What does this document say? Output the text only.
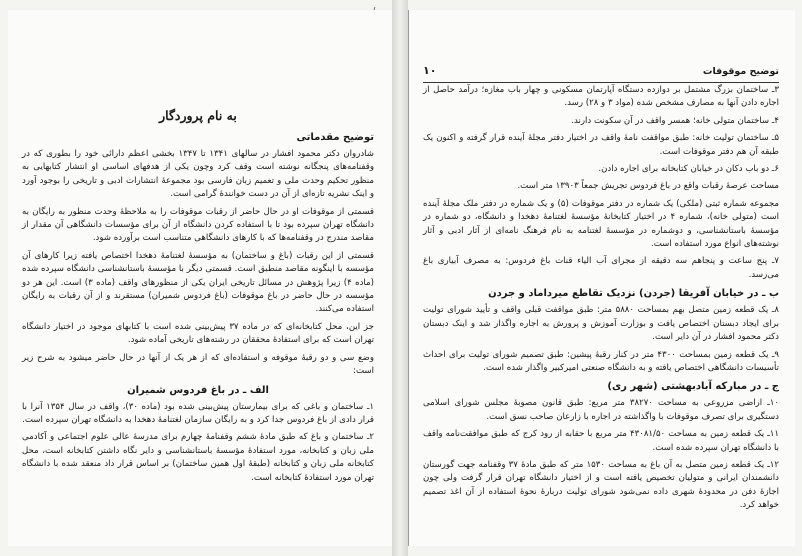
به نام پروردگار
توضیح مقدماتی

شادروان دکتر محمود افشار در سالهای ۱۳۴۱ تا ۱۳۴۷ بخشی اعظم دارائی خود را بطوری که در وقفنامه‌های پنجگانه نوشته است وقف کرد وچون یکی از هدفهای اساسی او انتشار کتابهایی به منظور تحکیم وحدت ملی و تعمیم زبان فارسی بود مجموعهٔ انتشارات ادبی و تاریخی را بوجود آورد و اینک نشریه تازه‌ای از آن در دست خوانندهٔ گرامی است.

قسمتی از موقوفات او در حال حاضر از رقبات موقوفات را به ملاحظهٔ وحدت منظور به رایگان به دانشگاه تهران سپرده بود تا با استفاده کردن دانشگاه از آن برای مؤسسات دانشگاهی آن مقدار از مقاصد مندرج در وقفنامه‌ها که با کارهای دانشگاهی متناسب است برآورده شود.

قسمتی از این رقبات (باغ و ساختمان) به مؤسسهٔ لغتنامهٔ دهخدا اختصاص یافته زیرا کارهای آن مؤسسه با اینگونه مقاصد منطبق است. قسمتی دیگر با مؤسسهٔ باستانشناسی دانشگاه سپرده شده (ماده ۴) زیرا پژوهش در مسائل تاریخی ایران یکی از منظورهای واقف (ماده ۳) است. این هر دو مؤسسه در حال حاضر در باغ موقوفات (باغ فردوس شمیران) مستقرند و از آن رقبات به رایگان استفاده می‌کنند.

جز این، محل کتابخانه‌ای که در ماده ۳۷ پیش‌بینی شده است با کتابهای موجود در اختیار دانشگاه تهران است که برای استفادهٔ محققان در رشته‌های تاریخی آماده شود.

وضع سی و دو رقبهٔ موقوفه و استفاده‌ای که از هر یک از آنها در حال حاضر میشود به شرح زیر است:

الف ـ در باغ فردوس شمیران

۱ـ ساختمان و باغی که برای بیمارستان پیش‌بینی شده بود (ماده ۳۰)، واقف در سال ۱۳۵۴ آنرا با قرار دادی از باغ فردوس جدا کرد و به رایگان سازمان لغتنامهٔ دهخدا به دانشگاه تهران سپرده است.

۲ـ ساختمان و باغ که طبق مادهٔ ششم وقفنامهٔ چهارم برای مدرسهٔ عالی علوم اجتماعی و آکادمی ملی زبان و کتابخانه، مورد استفادهٔ مؤسسهٔ باستانشناسی و دایر نگاه داشتن کتابخانه است، محل کتابخانه ملی زبان و کتابخانه (طبقهٔ اول همین ساختمان) بر اساس قرار داد منعقد شده با دانشگاه تهران مورد استفادهٔ کتابخانه است.

توضیح موقوفات
۱۰

۳ـ ساختمان بزرگ مشتمل بر دوازده دستگاه آپارتمان مسکونی و چهار باب مغازه؛ درآمد حاصل از اجاره دادن آنها به مصارف مشخص شده (مواد ۳ و ۲۸) رسد.

۴ـ ساختمان متولی خانه؛ همسر واقف در آن سکونت دارند.

۵ـ ساختمان تولیت خانه: طبق مواقفت نامهٔ واقف در اختیار دفتر مجلهٔ آینده قرار گرفته و اکنون یک طبقه آن هم دفتر موقوفات است.

۶ـ دو باب دکان در خیابان کتابخانه برای اجاره دادن.

مساحت عرصهٔ رقبات واقع در باغ فردوس تجریش جمعاً ۱۳۹۰۳ متر است.

مجموعه شماره ثبتی (ملکی) یک شماره در دفتر موقوفات (۵) و یک شماره در دفتر ملک مجلهٔ آینده است (متولی خانه)، شماره ۴ در اختیار کتابخانهٔ مؤسسهٔ لغتنامهٔ دهخدا و دانشگاه، دو شماره در مؤسسهٔ باستانشناسی، و دوشماره در مؤسسهٔ لغتنامه به نام فرهنگ نامه‌ای از آثار ادبی و آثار نوشته‌های انواع مورد استفاده است.

۷ـ پنج ساعت و پنجاهم سه دقیقه از مجرای آب الیاء قنات باغ فردوس: به مصرف آبیاری باغ می‌رسد.

ب ـ در خیابان آفریقا (جردن) نزدیک تقاطع میرداماد و جردن

۸ـ یک قطعه زمین متصل بهم بمساحت ۵۸۸۰ متر: طبق مواقفت قبلی واقف و تأیید شورای تولیت برای ایجاد دبستان اختصاص یافت و بوزارت آموزش و پرورش به اجاره واگذار شد و اینک دبستان دکتر محمود افشار در آن دایر است.

۹ـ یک قطعه زمین بمساحت ۴۳۰۰ متر در کنار رقبهٔ پیشین: طبق تصمیم شورای تولیت برای احداث تأسیسات دانشگاهی اختصاص یافته و به دانشگاه صنعتی امیرکبیر واگذار شده است.

ج ـ در مبارکه آبادبهشتی (شهر ری)

۱۰ـ اراضی مزروعی به مساحت ۳۸۲۷۰ متر مربع: طبق قانون مصوبهٔ مجلس شورای اسلامی دستگیری برای تصرف موقوفات با واگذاشته در اجاره با زارعان صاحب نسق است.

۱۱ـ یک قطعه زمین به مساحت ۴۳۰۸۱/۵۰ متر مربع با حقابه از رود کرج که طبق موافقت‌نامه واقف با دانشگاه تهران سپرده شده است.

۱۲ـ یک قطعه زمین متصل به آن باغ به مساحت ۱۵۳۰ متر که طبق مادهٔ ۳۷ وقفنامه جهت گورستان دانشمندان ایرانی و متولیان تخصیص یافته است و از اختیار دانشگاه تهران قرار گرفت ولی چون اجازهٔ دفن در محدودهٔ شهری داده نمی‌شود شورای تولیت دربارهٔ نحوهٔ استفاده از آن اغذ تصمیم خواهد کرد.
